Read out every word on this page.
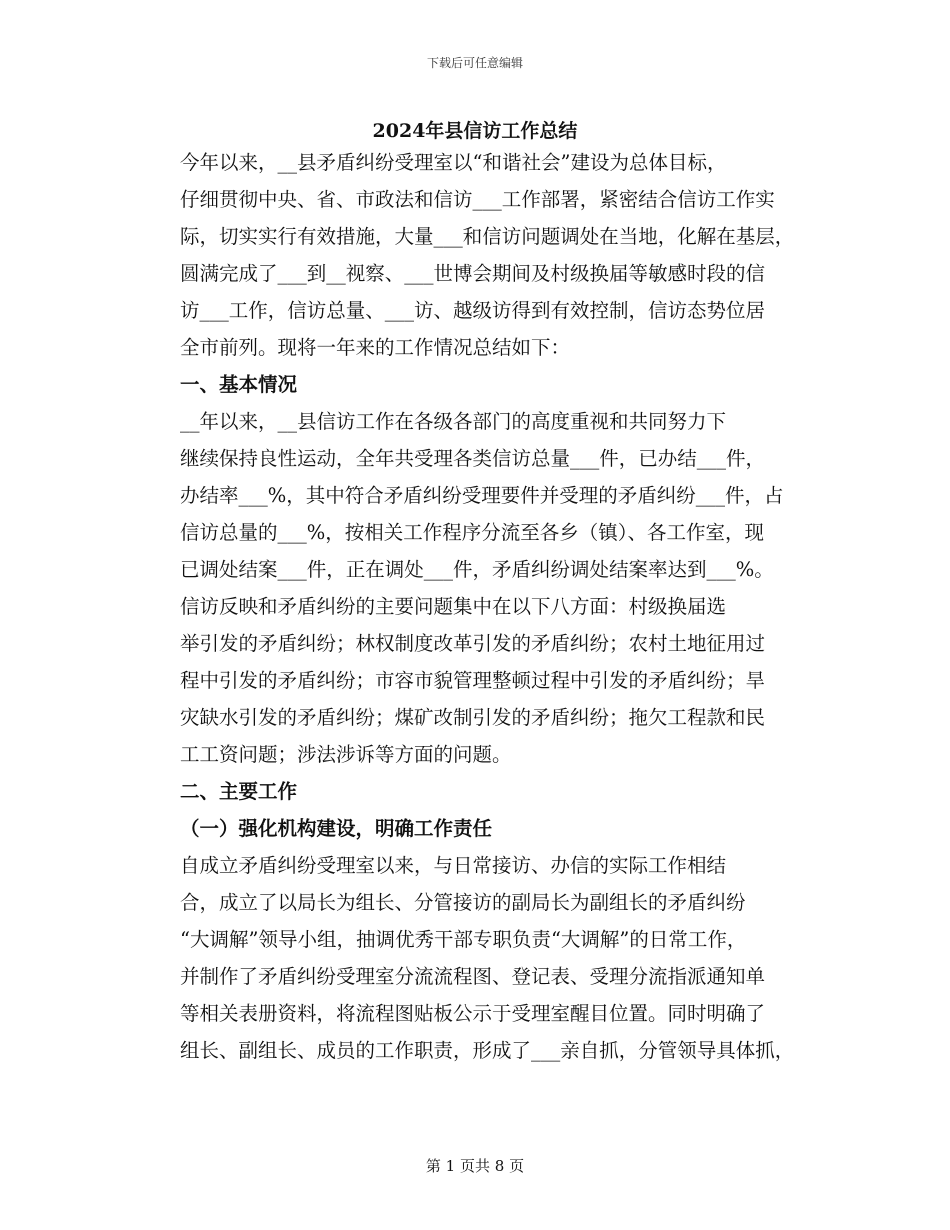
下载后可任意编辑
2024年县信访工作总结

今年以来，__县矛盾纠纷受理室以“和谐社会”建设为总体目标，
仔细贯彻中央、省、市政法和信访___工作部署，紧密结合信访工作实
际，切实实行有效措施，大量___和信访问题调处在当地，化解在基层，
圆满完成了___到__视察、___世博会期间及村级换届等敏感时段的信
访___工作，信访总量、___访、越级访得到有效控制，信访态势位居
全市前列。现将一年来的工作情况总结如下：

一、基本情况

__年以来，__县信访工作在各级各部门的高度重视和共同努力下
继续保持良性运动，全年共受理各类信访总量___件，已办结___件，
办结率___%，其中符合矛盾纠纷受理要件并受理的矛盾纠纷___件，占
信访总量的___%，按相关工作程序分流至各乡（镇）、各工作室，现
已调处结案___件，正在调处___件，矛盾纠纷调处结案率达到___%。

信访反映和矛盾纠纷的主要问题集中在以下八方面：村级换届选
举引发的矛盾纠纷；林权制度改革引发的矛盾纠纷；农村土地征用过
程中引发的矛盾纠纷；市容市貌管理整顿过程中引发的矛盾纠纷；旱
灾缺水引发的矛盾纠纷；煤矿改制引发的矛盾纠纷；拖欠工程款和民
工工资问题；涉法涉诉等方面的问题。

二、主要工作

（一）强化机构建设，明确工作责任

自成立矛盾纠纷受理室以来，与日常接访、办信的实际工作相结
合，成立了以局长为组长、分管接访的副局长为副组长的矛盾纠纷
“大调解”领导小组，抽调优秀干部专职负责“大调解”的日常工作，
并制作了矛盾纠纷受理室分流流程图、登记表、受理分流指派通知单
等相关表册资料，将流程图贴板公示于受理室醒目位置。同时明确了
组长、副组长、成员的工作职责，形成了___亲自抓，分管领导具体抓，

第 1 页共 8 页
